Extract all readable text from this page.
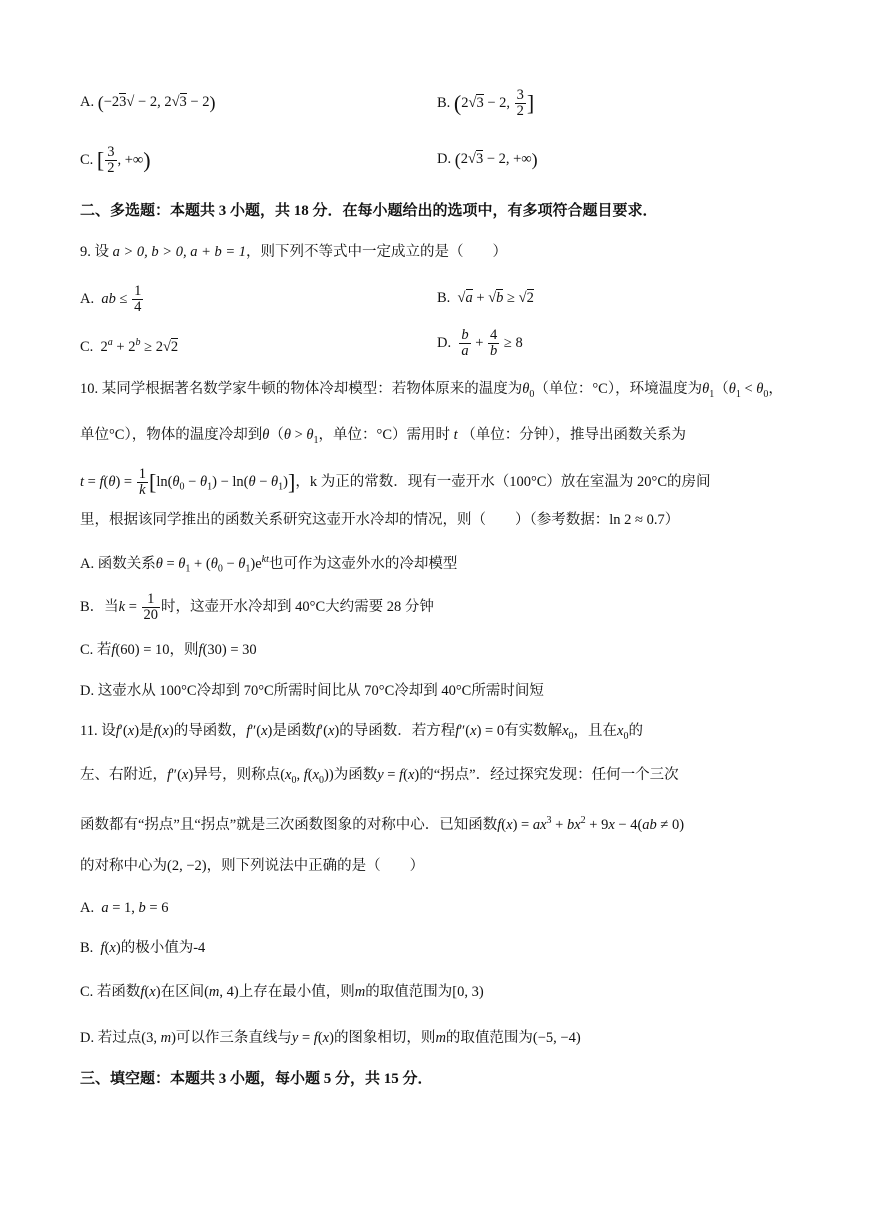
A. (−23√ − 2, 2√3 − 2)	B. (2√3 − 2, $\frac{3}{2}$ ]
C. [ $\frac{3}{2}$ , +∞)	D. (2√3 − 2, +∞)
二、多选题：本题共 3 小题，共 18 分．在每小题给出的选项中，有多项符合题目要求．
9. 设 a > 0, b > 0, a + b = 1，则下列不等式中一定成立的是（　　）
A. ab ≤ $\frac{1}{4}$	B.  √a + √b ≥ √2
C.  $2^a + 2^b \ge 2√2$	D. $\frac{b}{a} + \frac{4}{b} \ge 8$
10. 某同学根据著名数学家牛顿的物体冷却模型：若物体原来的温度为$\theta_0$（单位：°C），环境温度为$\theta_1(\theta_1 < \theta_0$，
单位°C），物体的温度冷却到$\theta(\theta > \theta_1$，单位：°C）需用时 t （单位：分钟），推导出函数关系为
$t = f(\theta) = \frac{1}{k} [\ln(\theta_0 - \theta_1) - \ln(\theta - \theta_1)]$，k 为正的常数．现有一壶开水（100°C）放在室温为 20°C的房间
里，根据该同学推出的函数关系研究这壶开水冷却的情况，则（　　）（参考数据：ln 2 ≈ 0.7）
A. 函数关系$\theta = \theta_1 + (\theta_0 - \theta_1)e^{kt}$也可作为这壶外水的冷却模型
B．当$k = \frac{1}{20}$ 时，这壶开水冷却到 40°C大约需要 28 分钟
C. 若f(60) = 10，则f(30) = 30
D. 这壶水从 100°C冷却到 70°C所需时间比从 70°C冷却到 40°C所需时间短
11. 设f′(x)是f(x)的导函数，f″(x)是函数f′(x)的导函数．若方程f″(x) = 0有实数解$x_0$，且在$x_0$的
左、右附近，f″(x)异号，则称点($x_0$, $f(x_0)$)为函数y = f(x)的“拐点”．经过探究发现：任何一个三次
函数都有“拐点”且“拐点”就是三次函数图象的对称中心．已知函数$f(x) = ax^3 + bx^2 + 9x - 4(ab \ne 0)$
的对称中心为(2, −2)，则下列说法中正确的是（　　）
A. a = 1, b = 6
B. f(x)的极小值为-4
C. 若函数f(x)在区间(m, 4)上存在最小值，则m的取值范围为[0, 3)
D. 若过点(3, m)可以作三条直线与y = f(x)的图象相切，则m的取值范围为(−5, −4)
三、填空题：本题共 3 小题，每小题 5 分，共 15 分．
